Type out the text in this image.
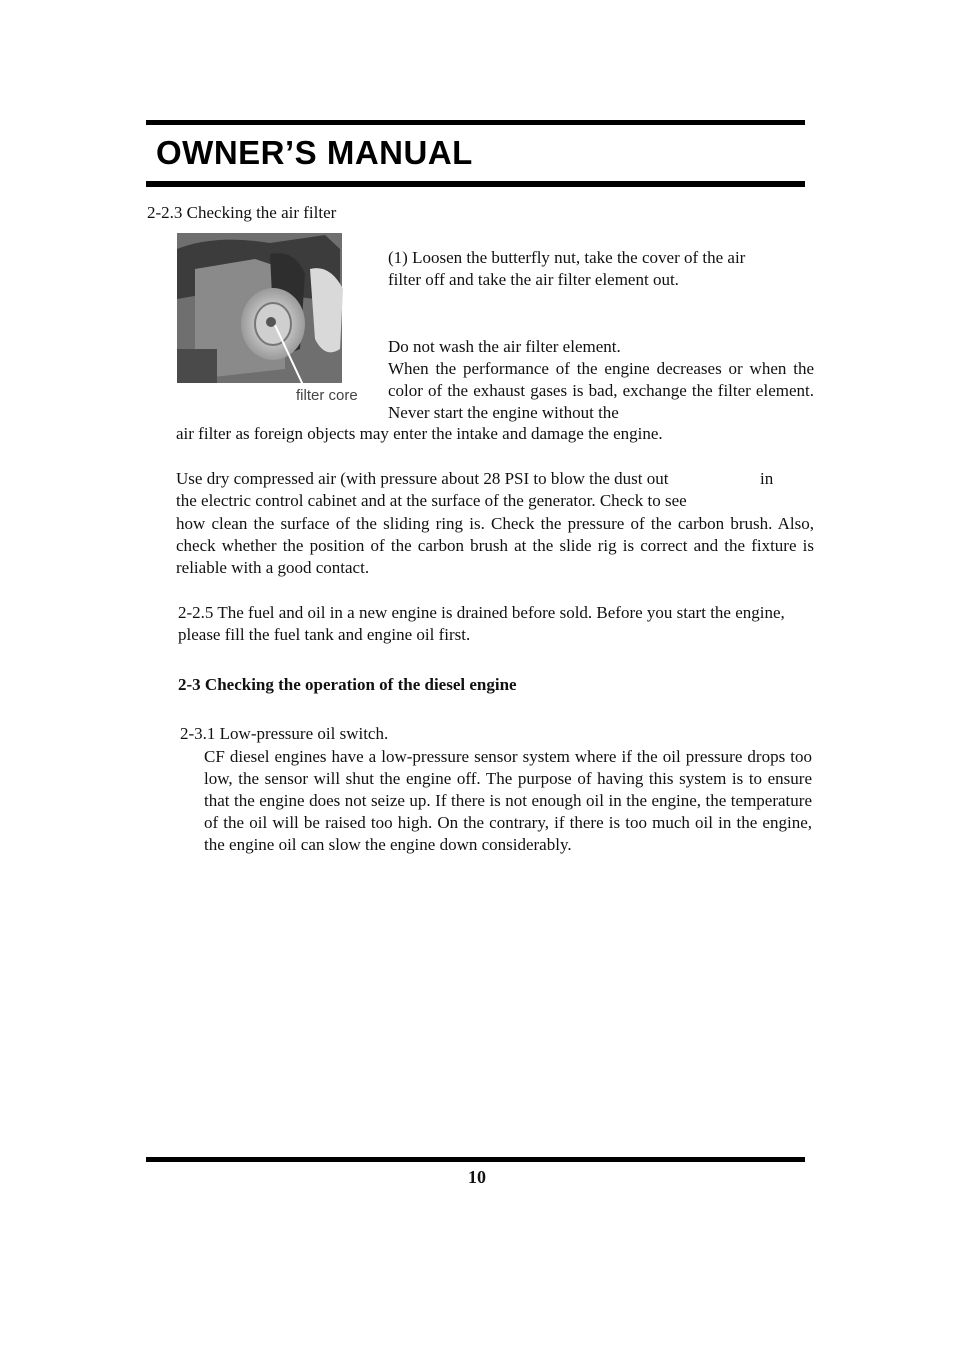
OWNER’S MANUAL
2-2.3 Checking the air filter
filter core
(1) Loosen the butterfly nut, take the cover of the air
filter off and take the air filter element out.
Do not wash the air filter element.
When the performance of the engine decreases or when the color of the exhaust gases is bad, exchange the filter element. Never start the engine without the
air filter as foreign objects may enter the intake and damage the engine.
Use dry compressed air (with pressure about 28 PSI to blow the dust out	in
the electric control cabinet and at the surface of the generator. Check to see
how clean the surface of the sliding ring is. Check the pressure of the carbon brush. Also, check whether the position of the carbon brush at the slide rig is correct and the fixture is reliable with a good contact.
2-2.5 The fuel and oil in a new engine is drained before sold. Before you start the engine, please fill the fuel tank and engine oil first.
2-3 Checking the operation of the diesel engine
2-3.1 Low-pressure oil switch.
CF diesel engines have a low-pressure sensor system where if the oil pressure drops too low, the sensor will shut the engine off. The purpose of having this system is to ensure that the engine does not seize up. If there is not enough oil in the engine, the temperature of the oil will be raised too high. On the contrary, if there is too much oil in the engine, the engine oil can slow the engine down considerably.
10
